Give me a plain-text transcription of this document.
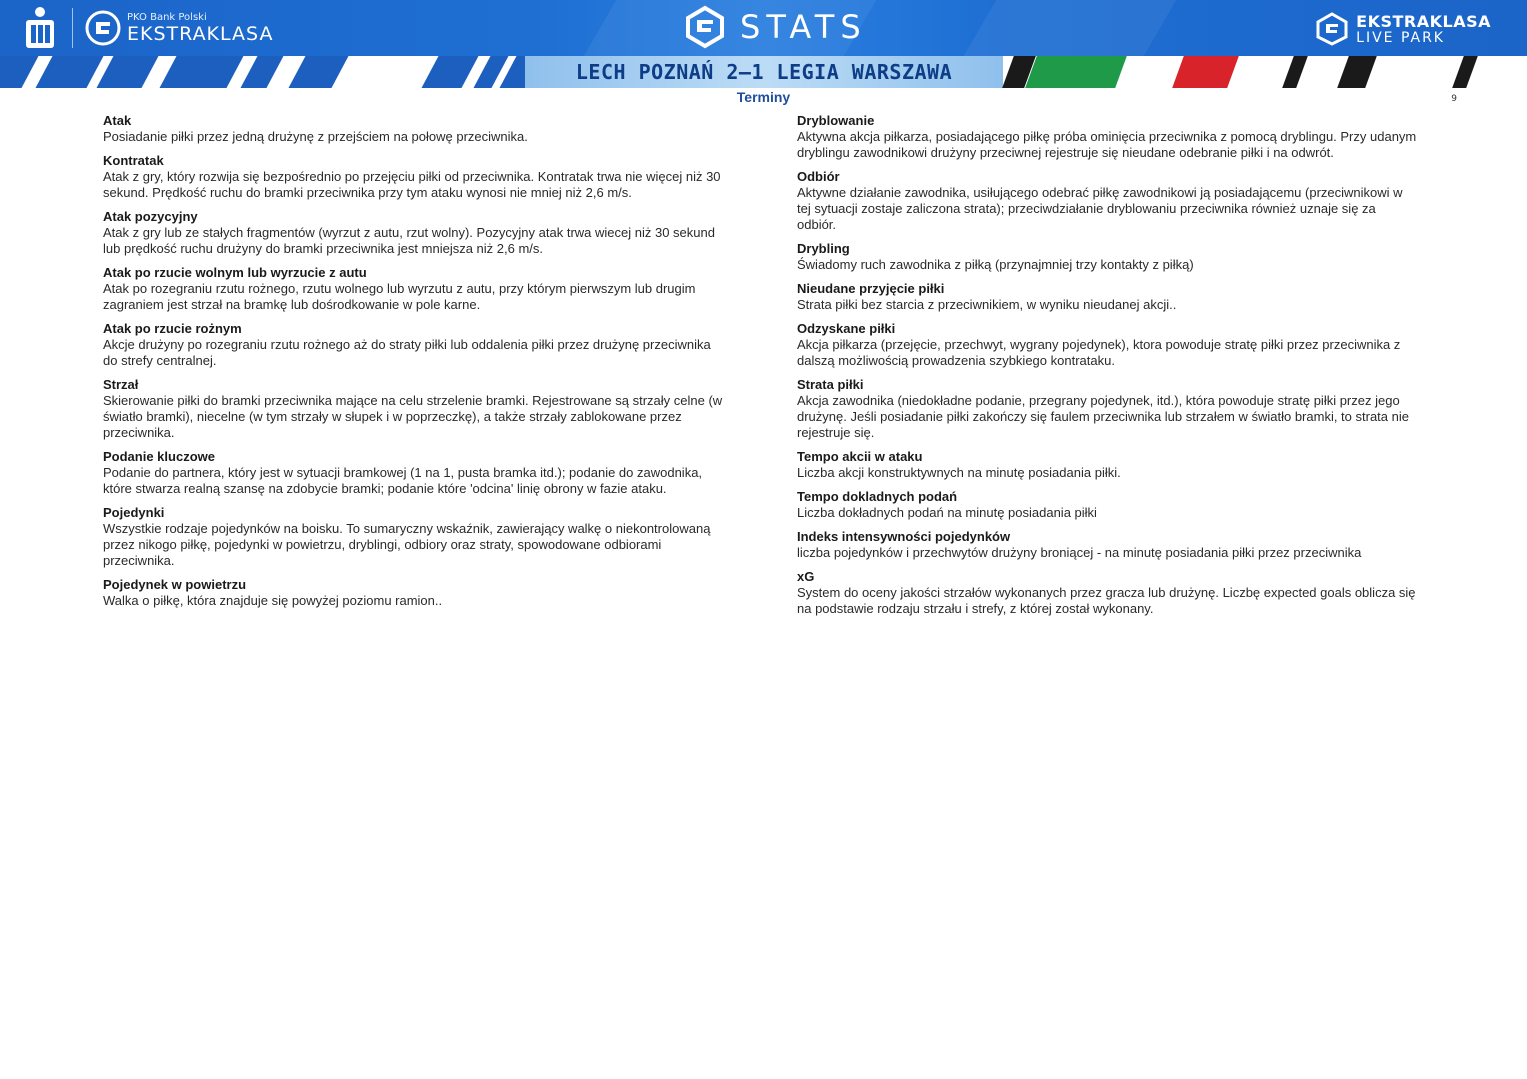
PKO Bank Polski
EKSTRAKLASA	STATS	EKSTRAKLASA
LIVE PARK
LECH POZNAŃ 2–1 LEGIA WARSZAWA
9
Terminy
Atak
Posiadanie piłki przez jedną drużynę z przejściem na połowę przeciwnika.
Kontratak
Atak z gry, który rozwija się bezpośrednio po przejęciu piłki od przeciwnika. Kontratak trwa nie więcej niż 30 sekund. Prędkość ruchu do bramki przeciwnika przy tym ataku wynosi nie mniej niż 2,6 m/s.
Atak pozycyjny
Atak z gry lub ze stałych fragmentów (wyrzut z autu, rzut wolny). Pozycyjny atak trwa wiecej niż 30 sekund lub prędkość ruchu drużyny do bramki przeciwnika jest mniejsza niż 2,6 m/s.
Atak po rzucie wolnym lub wyrzucie z autu
Atak po rozegraniu rzutu rożnego, rzutu wolnego lub wyrzutu z autu, przy którym pierwszym lub drugim zagraniem jest strzał na bramkę lub dośrodkowanie w pole karne.
Atak po rzucie rożnym
Akcje drużyny po rozegraniu rzutu rożnego aż do straty piłki lub oddalenia piłki przez drużynę przeciwnika do strefy centralnej.
Strzał
Skierowanie piłki do bramki przeciwnika mające na celu strzelenie bramki. Rejestrowane są strzały celne (w światło bramki), niecelne (w tym strzały w słupek i w poprzeczkę), a także strzały zablokowane przez przeciwnika.
Podanie kluczowe
Podanie do partnera, który jest w sytuacji bramkowej (1 na 1, pusta bramka itd.); podanie do zawodnika, które stwarza realną szansę na zdobycie bramki; podanie które 'odcina' linię obrony w fazie ataku.
Pojedynki
Wszystkie rodzaje pojedynków na boisku. To sumaryczny wskaźnik, zawierający walkę o niekontrolowaną przez nikogo piłkę, pojedynki w powietrzu, dryblingi, odbiory oraz straty, spowodowane odbiorami przeciwnika.
Pojedynek w powietrzu
Walka o piłkę, która znajduje się powyżej poziomu ramion..
Dryblowanie
Aktywna akcja piłkarza, posiadającego piłkę próba ominięcia przeciwnika z pomocą dryblingu. Przy udanym dryblingu zawodnikowi drużyny przeciwnej rejestruje się nieudane odebranie piłki i na odwrót.
Odbiór
Aktywne działanie zawodnika, usiłującego odebrać piłkę zawodnikowi ją posiadającemu (przeciwnikowi w tej sytuacji zostaje zaliczona strata); przeciwdziałanie dryblowaniu przeciwnika również uznaje się za odbiór.
Drybling
Świadomy ruch zawodnika z piłką (przynajmniej trzy kontakty z piłką)
Nieudane przyjęcie piłki
Strata piłki bez starcia z przeciwnikiem, w wyniku nieudanej akcji..
Odzyskane piłki
Akcja piłkarza (przejęcie, przechwyt, wygrany pojedynek), ktora powoduje stratę piłki przez przeciwnika z dalszą możliwością prowadzenia szybkiego kontrataku.
Strata piłki
Akcja zawodnika (niedokładne podanie, przegrany pojedynek, itd.), która powoduje stratę piłki przez jego drużynę. Jeśli posiadanie piłki zakończy się faulem przeciwnika lub strzałem w światło bramki, to strata nie rejestruje się.
Tempo akcii w ataku
Liczba akcji konstruktywnych na minutę posiadania piłki.
Tempo dokladnych podań
Liczba dokładnych podań na minutę posiadania piłki
Indeks intensywności pojedynków
liczba pojedynków i przechwytów drużyny broniącej - na minutę posiadania piłki przez przeciwnika
xG
System do oceny jakości strzałów wykonanych przez gracza lub drużynę. Liczbę expected goals oblicza się na podstawie rodzaju strzału i strefy, z której został wykonany.
